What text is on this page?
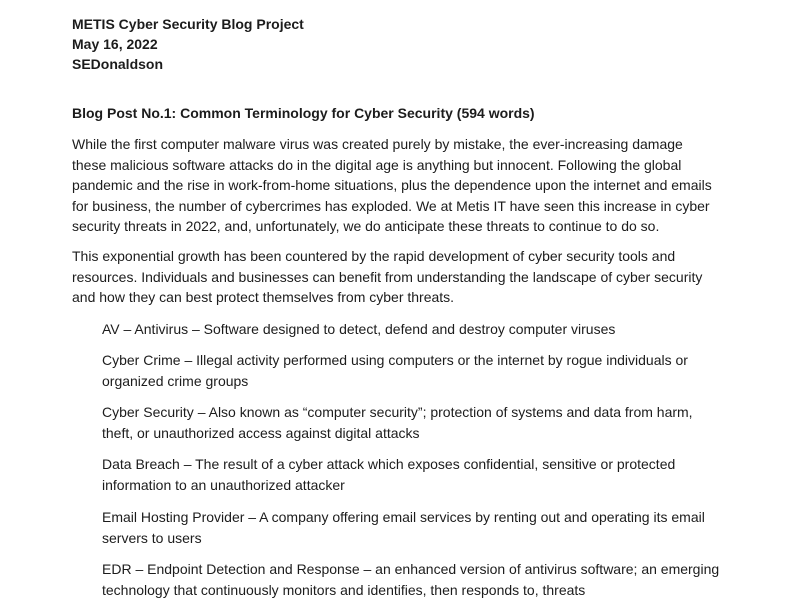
METIS Cyber Security Blog Project
May 16, 2022
SEDonaldson
Blog Post No.1: Common Terminology for Cyber Security (594 words)
While the first computer malware virus was created purely by mistake, the ever-increasing damage
these malicious software attacks do in the digital age is anything but innocent. Following the global
pandemic and the rise in work-from-home situations, plus the dependence upon the internet and emails
for business, the number of cybercrimes has exploded. We at Metis IT have seen this increase in cyber
security threats in 2022, and, unfortunately, we do anticipate these threats to continue to do so.
This exponential growth has been countered by the rapid development of cyber security tools and
resources. Individuals and businesses can benefit from understanding the landscape of cyber security
and how they can best protect themselves from cyber threats.
AV – Antivirus – Software designed to detect, defend and destroy computer viruses
Cyber Crime – Illegal activity performed using computers or the internet by rogue individuals or
organized crime groups
Cyber Security – Also known as “computer security”; protection of systems and data from harm,
theft, or unauthorized access against digital attacks
Data Breach – The result of a cyber attack which exposes confidential, sensitive or protected
information to an unauthorized attacker
Email Hosting Provider – A company offering email services by renting out and operating its email
servers to users
EDR – Endpoint Detection and Response – an enhanced version of antivirus software; an emerging
technology that continuously monitors and identifies, then responds to, threats
